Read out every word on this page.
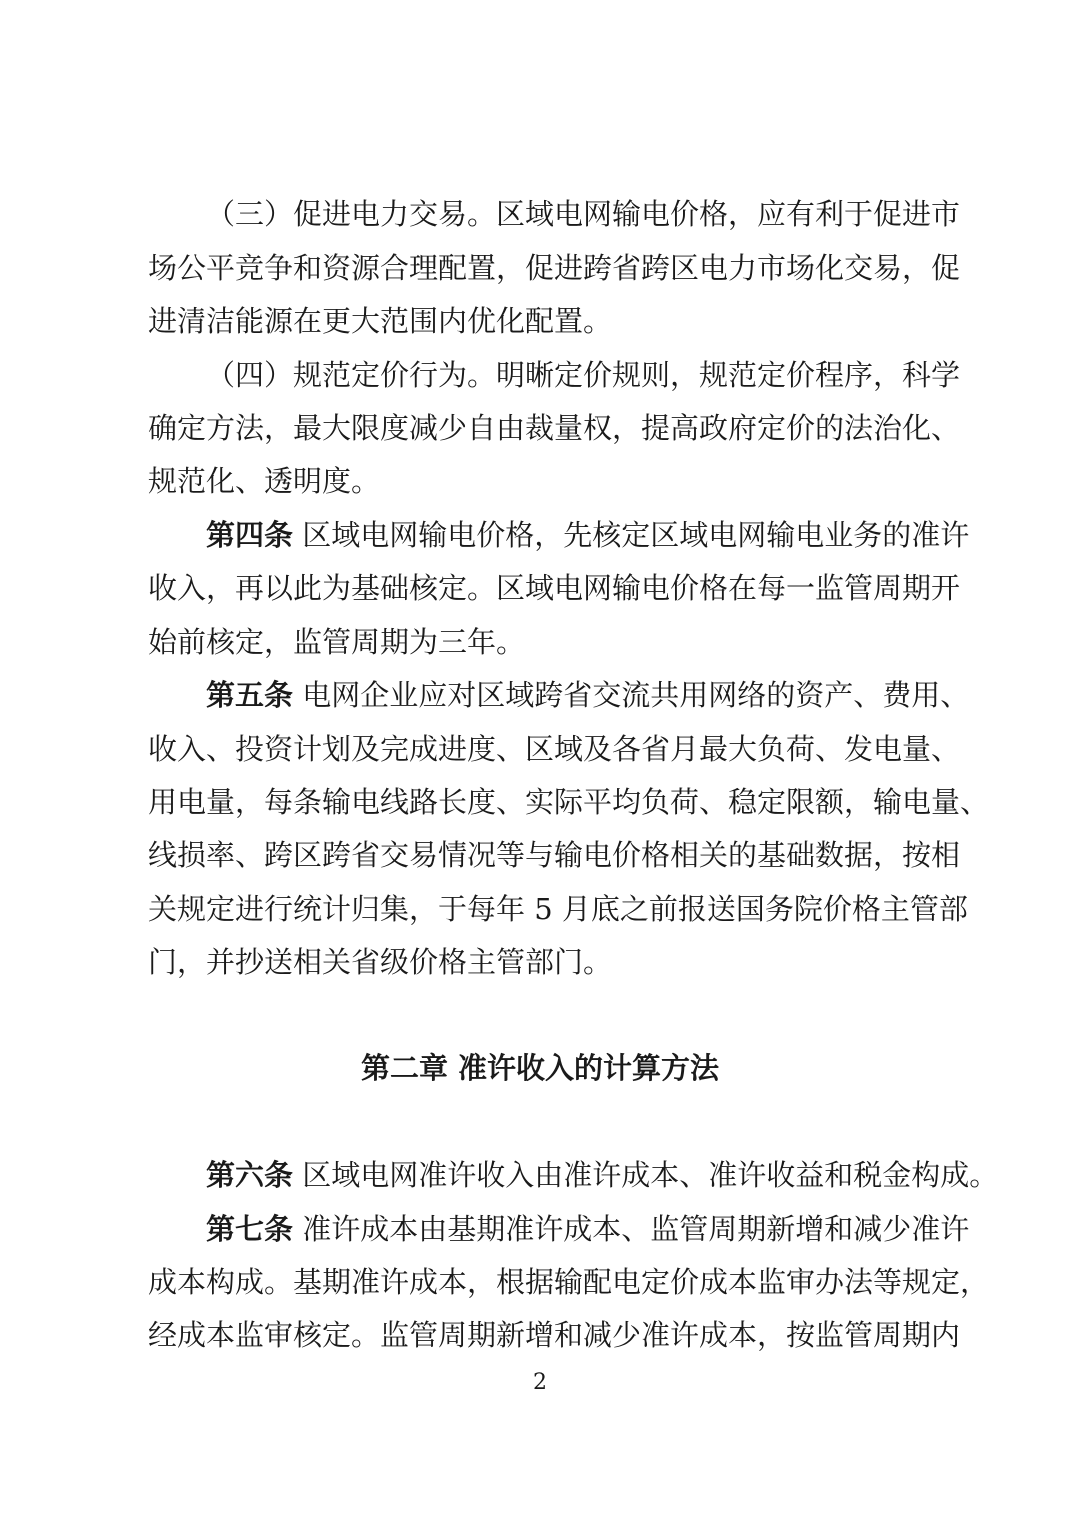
（三）促进电力交易。区域电网输电价格，应有利于促进市
场公平竞争和资源合理配置，促进跨省跨区电力市场化交易，促
进清洁能源在更大范围内优化配置。
（四）规范定价行为。明晰定价规则，规范定价程序，科学
确定方法，最大限度减少自由裁量权，提高政府定价的法治化、
规范化、透明度。
第四条 区域电网输电价格，先核定区域电网输电业务的准许
收入，再以此为基础核定。区域电网输电价格在每一监管周期开
始前核定，监管周期为三年。
第五条 电网企业应对区域跨省交流共用网络的资产、费用、
收入、投资计划及完成进度、区域及各省月最大负荷、发电量、
用电量，每条输电线路长度、实际平均负荷、稳定限额，输电量、
线损率、跨区跨省交易情况等与输电价格相关的基础数据，按相
关规定进行统计归集，于每年 5 月底之前报送国务院价格主管部
门，并抄送相关省级价格主管部门。
第二章 准许收入的计算方法
第六条 区域电网准许收入由准许成本、准许收益和税金构成。
第七条 准许成本由基期准许成本、监管周期新增和减少准许
成本构成。基期准许成本，根据输配电定价成本监审办法等规定，
经成本监审核定。监管周期新增和减少准许成本，按监管周期内
2
